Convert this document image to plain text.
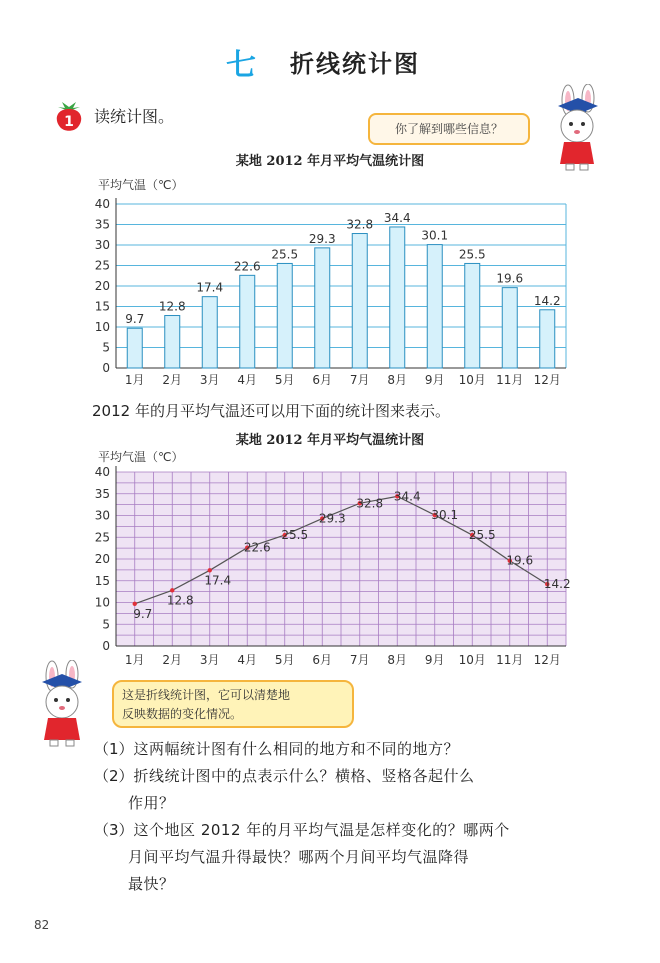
七 折线统计图
1 读统计图。
你了解到哪些信息？
某地 2012 年月平均气温统计图
平均气温（℃）
0
5
10
15
20
25
30
35
40
9.7
1月
12.8
2月
17.4
3月
22.6
4月
25.5
5月
29.3
6月
32.8
7月
34.4
8月
30.1
9月
25.5
10月
19.6
11月
14.2
12月
2012 年的月平均气温还可以用下面的统计图来表示。
某地 2012 年月平均气温统计图
平均气温（℃）
0
5
10
15
20
25
30
35
40
9.7
1月
12.8
2月
17.4
3月
22.6
4月
25.5
5月
29.3
6月
32.8
7月
34.4
8月
30.1
9月
25.5
10月
19.6
11月
14.2
12月
这是折线统计图，它可以清楚地
反映数据的变化情况。
（1）这两幅统计图有什么相同的地方和不同的地方？
（2）折线统计图中的点表示什么？横格、竖格各起什么
作用？
（3）这个地区 2012 年的月平均气温是怎样变化的？哪两个
月间平均气温升得最快？哪两个月间平均气温降得
最快？
82
